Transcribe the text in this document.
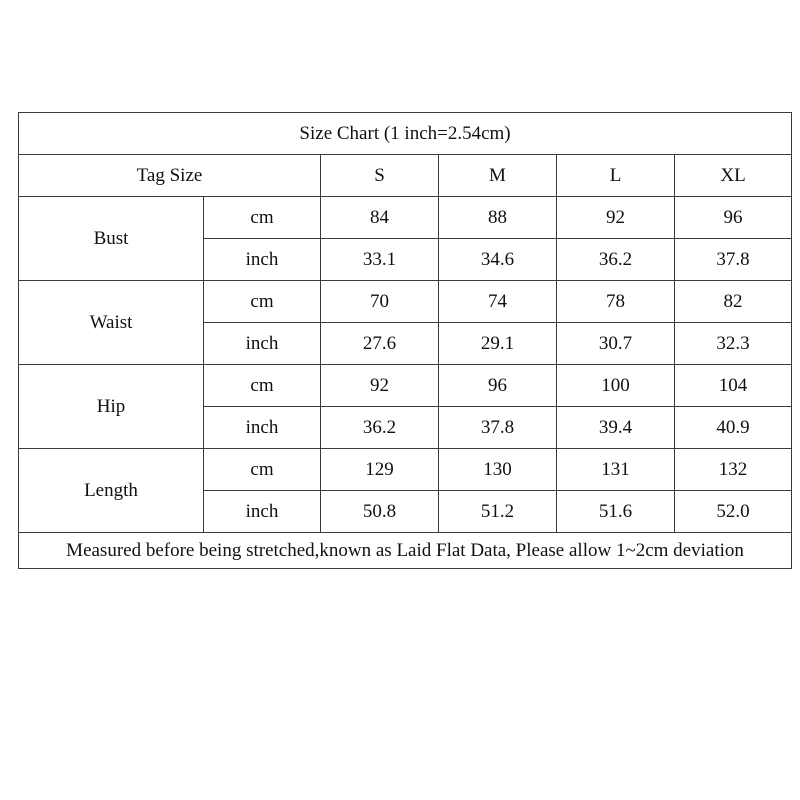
Size Chart (1 inch=2.54cm)					
Tag Size		S	M	L	XL
Bust	cm	84	88	92	96
	inch	33.1	34.6	36.2	37.8
Waist	cm	70	74	78	82
	inch	27.6	29.1	30.7	32.3
Hip	cm	92	96	100	104
	inch	36.2	37.8	39.4	40.9
Length	cm	129	130	131	132
	inch	50.8	51.2	51.6	52.0
Measured before being stretched,known as Laid Flat Data, Please allow 1~2cm deviation					
